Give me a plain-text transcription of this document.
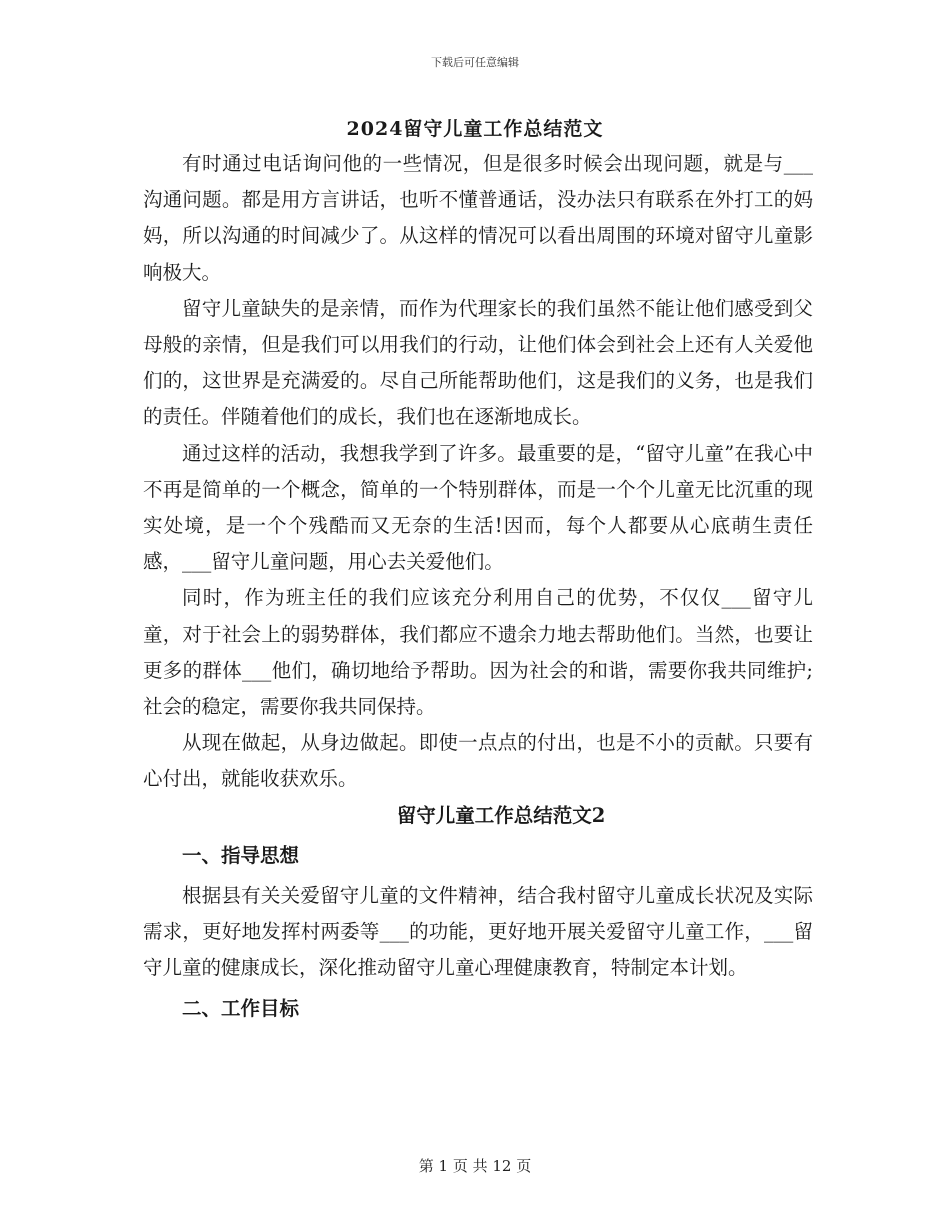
下载后可任意编辑
2024留守儿童工作总结范文

有时通过电话询问他的一些情况，但是很多时候会出现问题，就是与___沟通问题。都是用方言讲话，也听不懂普通话，没办法只有联系在外打工的妈妈，所以沟通的时间减少了。从这样的情况可以看出周围的环境对留守儿童影响极大。

留守儿童缺失的是亲情，而作为代理家长的我们虽然不能让他们感受到父母般的亲情，但是我们可以用我们的行动，让他们体会到社会上还有人关爱他们的，这世界是充满爱的。尽自己所能帮助他们，这是我们的义务，也是我们的责任。伴随着他们的成长，我们也在逐渐地成长。

通过这样的活动，我想我学到了许多。最重要的是，“留守儿童”在我心中不再是简单的一个概念，简单的一个特别群体，而是一个个儿童无比沉重的现实处境，是一个个残酷而又无奈的生活!因而，每个人都要从心底萌生责任感，___留守儿童问题，用心去关爱他们。

同时，作为班主任的我们应该充分利用自己的优势，不仅仅___留守儿童，对于社会上的弱势群体，我们都应不遗余力地去帮助他们。当然，也要让更多的群体___他们，确切地给予帮助。因为社会的和谐，需要你我共同维护;社会的稳定，需要你我共同保持。

从现在做起，从身边做起。即使一点点的付出，也是不小的贡献。只要有心付出，就能收获欢乐。

留守儿童工作总结范文2
一、指导思想

根据县有关关爱留守儿童的文件精神，结合我村留守儿童成长状况及实际需求，更好地发挥村两委等___的功能，更好地开展关爱留守儿童工作，___留守儿童的健康成长，深化推动留守儿童心理健康教育，特制定本计划。

二、工作目标
第 1 页 共 12 页
